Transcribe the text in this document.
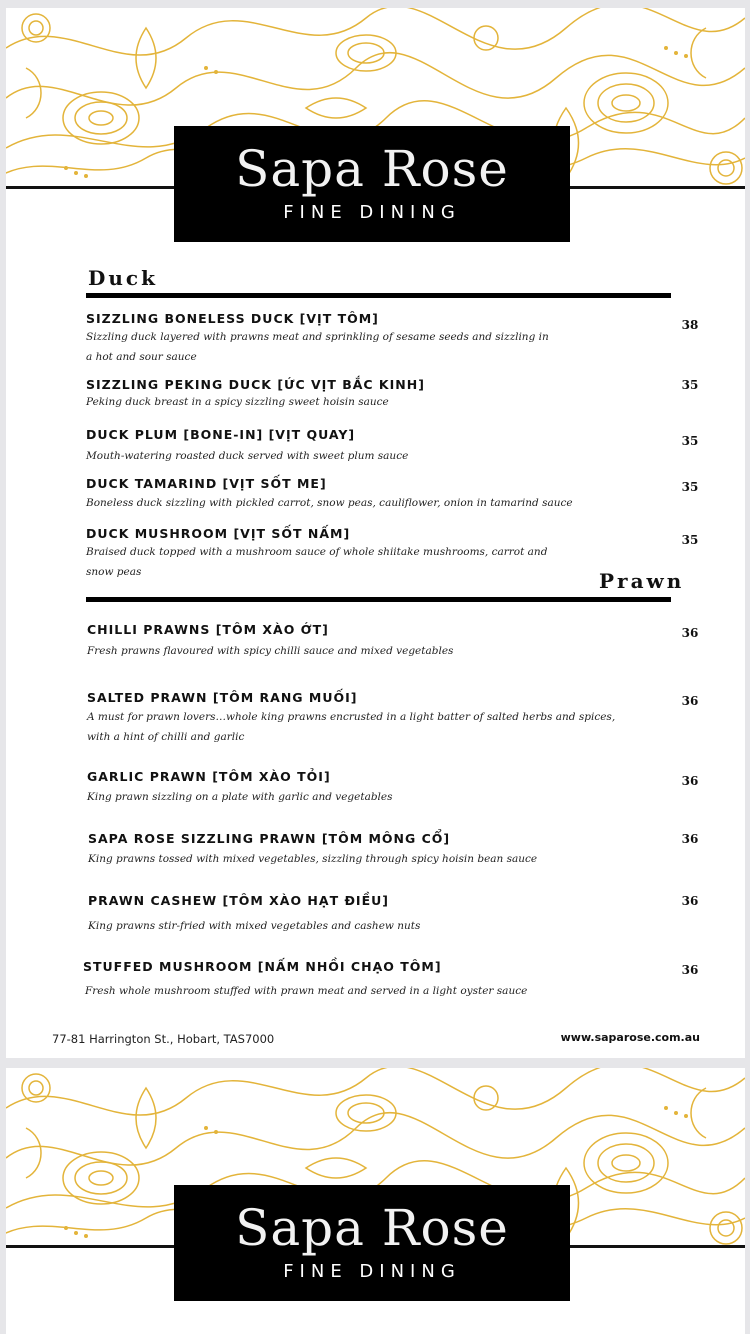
Sapa Rose
FINE DINING
Duck
SIZZLING BONELESS DUCK [VỊT TÔM]
Sizzling duck layered with prawns meat and sprinkling of sesame seeds and sizzling in a hot and sour sauce
38
SIZZLING PEKING DUCK [ỨC VỊT BẮC KINH]
Peking duck breast in a spicy sizzling sweet hoisin sauce
35
DUCK PLUM [BONE-IN] [VỊT QUAY]
Mouth-watering roasted duck served with sweet plum sauce
35
DUCK TAMARIND [VỊT SỐT ME]
Boneless duck sizzling with pickled carrot, snow peas, cauliflower, onion in tamarind sauce
35
DUCK MUSHROOM [VỊT SỐT NẤM]
Braised duck topped with a mushroom sauce of whole shiitake mushrooms, carrot and snow peas
35
Prawn
CHILLI PRAWNS [TÔM XÀO ỚT]
Fresh prawns flavoured with spicy chilli sauce and mixed vegetables
36
SALTED PRAWN [TÔM RANG MUỐI]
A must for prawn lovers…whole king prawns encrusted in a light batter of salted herbs and spices, with a hint of chilli and garlic
36
GARLIC PRAWN [TÔM XÀO TỎI]
King prawn sizzling on a plate with garlic and vegetables
36
SAPA ROSE SIZZLING PRAWN [TÔM MÔNG CỔ]
King prawns tossed with mixed vegetables, sizzling through spicy hoisin bean sauce
36
PRAWN CASHEW [TÔM XÀO HẠT ĐIỀU]
King prawns stir-fried with mixed vegetables and cashew nuts
36
STUFFED MUSHROOM [NẤM NHỒI CHẠO TÔM]
Fresh whole mushroom stuffed with prawn meat and served in a light oyster sauce
36
77-81 Harrington St., Hobart, TAS7000	www.saparose.com.au
Sapa Rose
FINE DINING
